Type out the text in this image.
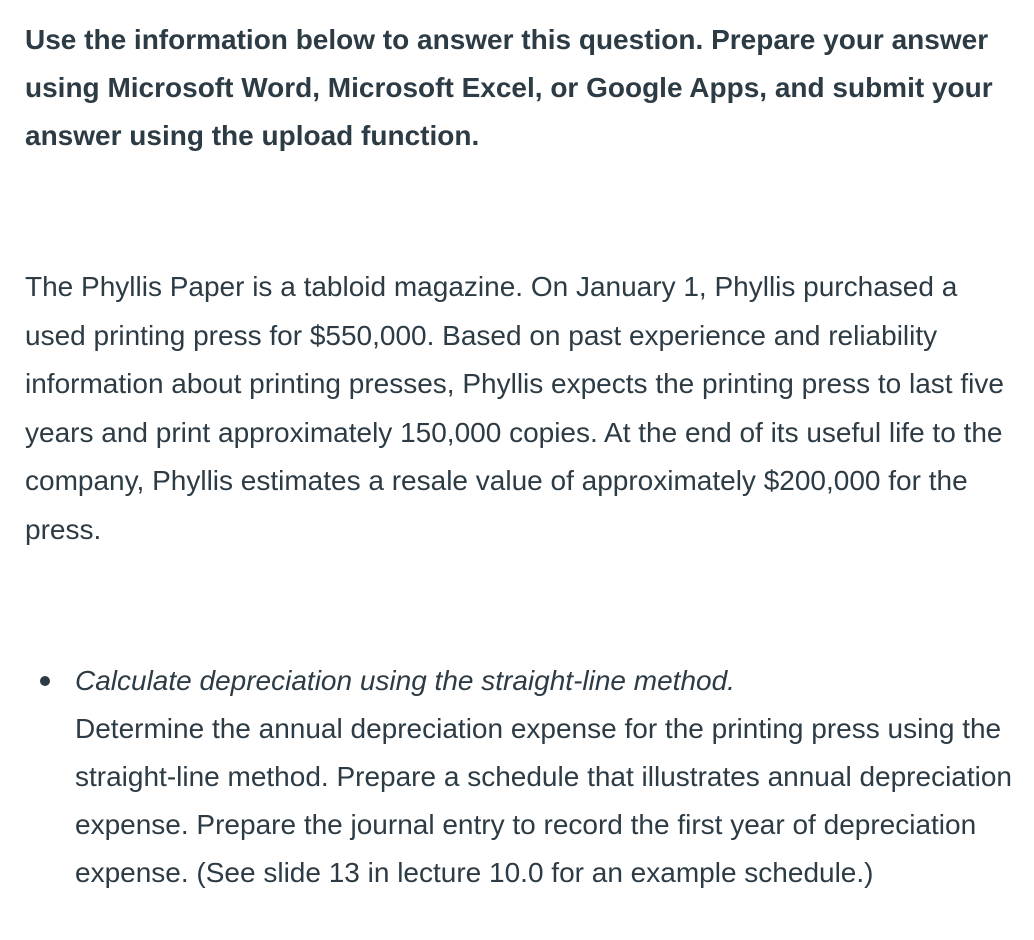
Use the information below to answer this question. Prepare your answer using Microsoft Word, Microsoft Excel, or Google Apps, and submit your answer using the upload function.

The Phyllis Paper is a tabloid magazine. On January 1, Phyllis purchased a used printing press for $550,000. Based on past experience and reliability information about printing presses, Phyllis expects the printing press to last five years and print approximately 150,000 copies. At the end of its useful life to the company, Phyllis estimates a resale value of approximately $200,000 for the press.

Calculate depreciation using the straight-line method.
Determine the annual depreciation expense for the printing press using the straight-line method. Prepare a schedule that illustrates annual depreciation expense. Prepare the journal entry to record the first year of depreciation expense. (See slide 13 in lecture 10.0 for an example schedule.)
